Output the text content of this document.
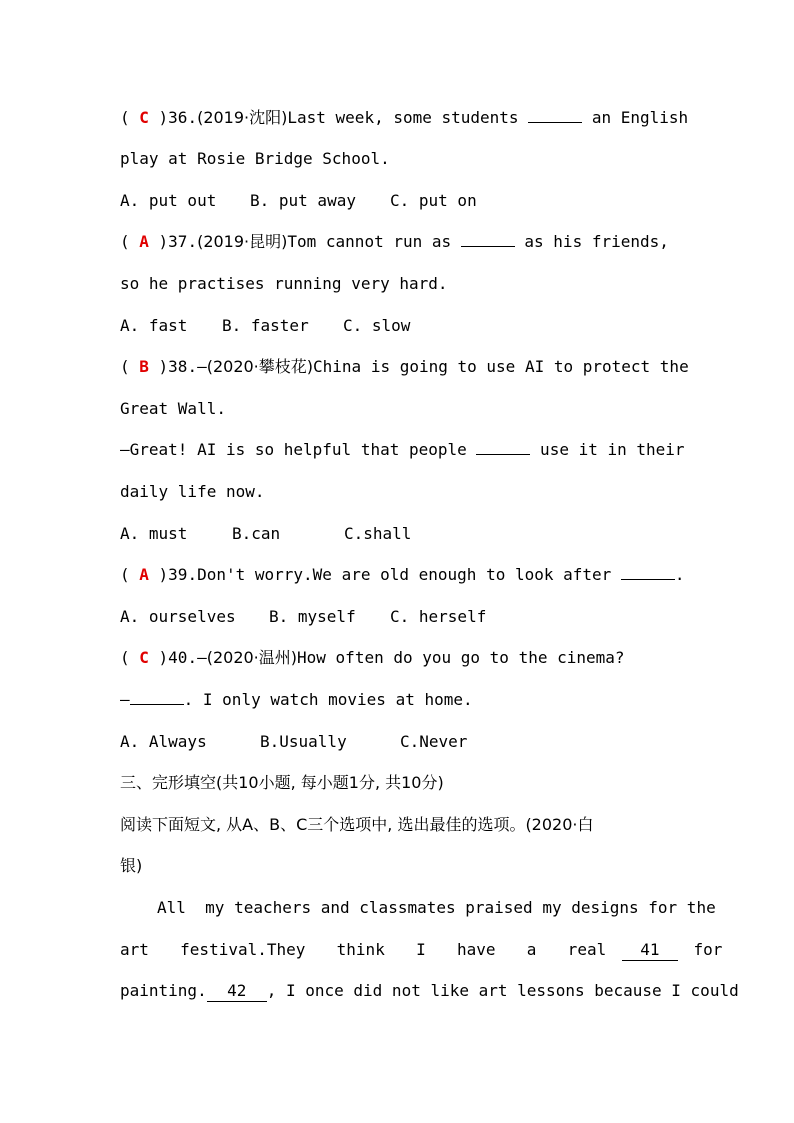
( C )36.(2019·沈阳)Last week, some students	an English
play at Rosie Bridge School.
A. put out B. put away C. put on
( A )37.(2019·昆明)Tom cannot run as	as his friends,
so he practises running very hard.
A. fast B. faster C. slow
( B )38.—(2020·攀枝花)China is going to use AI to protect the
Great Wall.
—Great! AI is so helpful that people	use it in their
daily life now.
A. must	B.can	C.shall
( A )39.Don't worry.We are old enough to look after	.
A. ourselves B. myself C. herself
( C )40.—(2020·温州)How often do you go to the cinema?
—	. I only watch movies at home.
A. Always	B.Usually	C.Never
三、完形填空(共10小题, 每小题1分, 共10分)
阅读下面短文, 从A、B、C三个选项中, 选出最佳的选项。(2020·白
银)
All  my teachers and classmates praised my designs for the
art  festival.They  think  I  have  a  real 41 for
painting. 42 , I once did not like art lessons because I could
